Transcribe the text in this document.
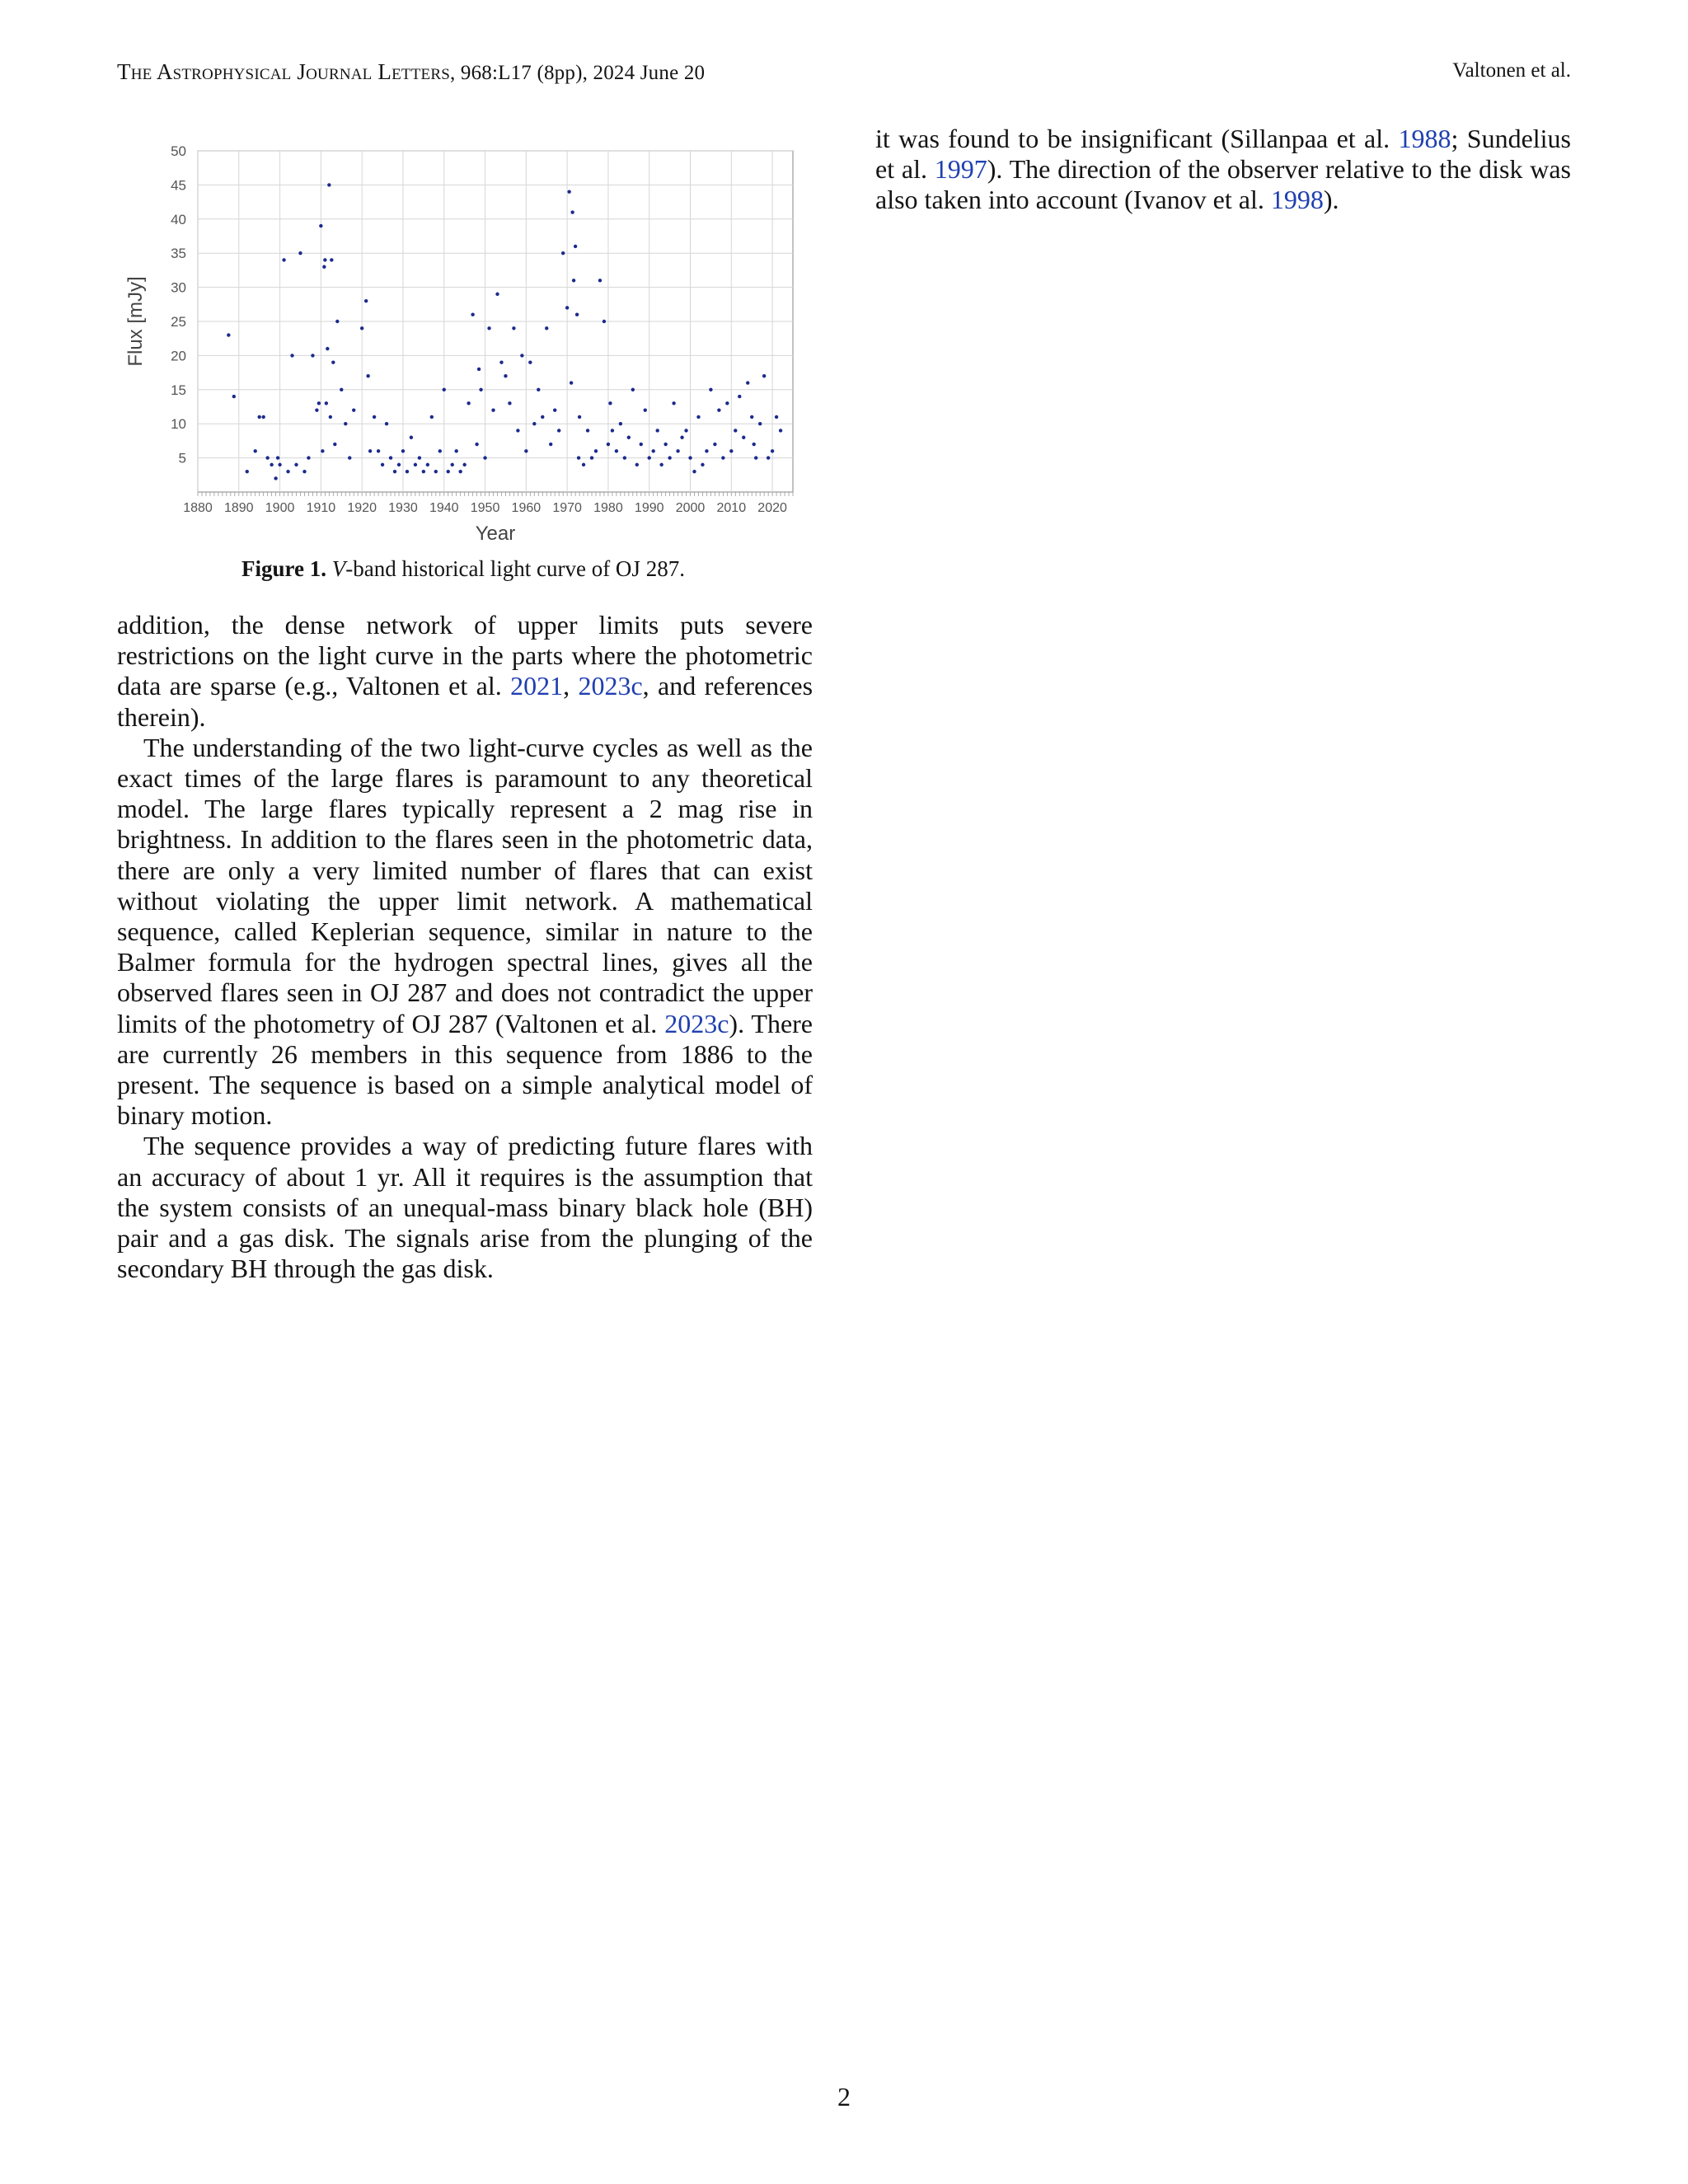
The Astrophysical Journal Letters, 968:L17 (8pp), 2024 June 20	Valtonen et al.
5
10
15
20
25
30
35
40
45
50
1880 1890 1900 1910 1920 1930 1940 1950 1960 1970 1980 1990 2000 2010 2020
Year
Flux [mJy]
Figure 1. V-band historical light curve of OJ 287.

addition, the dense network of upper limits puts severe restrictions on the light curve in the parts where the photometric data are sparse (e.g., Valtonen et al. 2021, 2023c, and references therein).

The understanding of the two light-curve cycles as well as the exact times of the large flares is paramount to any theoretical model. The large flares typically represent a 2 mag rise in brightness. In addition to the flares seen in the photometric data, there are only a very limited number of flares that can exist without violating the upper limit network. A mathematical sequence, called Keplerian sequence, similar in nature to the Balmer formula for the hydrogen spectral lines, gives all the observed flares seen in OJ 287 and does not contradict the upper limits of the photometry of OJ 287 (Valtonen et al. 2023c). There are currently 26 members in this sequence from 1886 to the present. The sequence is based on a simple analytical model of binary motion.

The sequence provides a way of predicting future flares with an accuracy of about 1 yr. All it requires is the assumption that the system consists of an unequal-mass binary black hole (BH) pair and a gas disk. The signals arise from the plunging of the secondary BH through the gas disk.

it was found to be insignificant (Sillanpaa et al. 1988; Sundelius et al. 1997). The direction of the observer relative to the disk was also taken into account (Ivanov et al. 1998).

2
